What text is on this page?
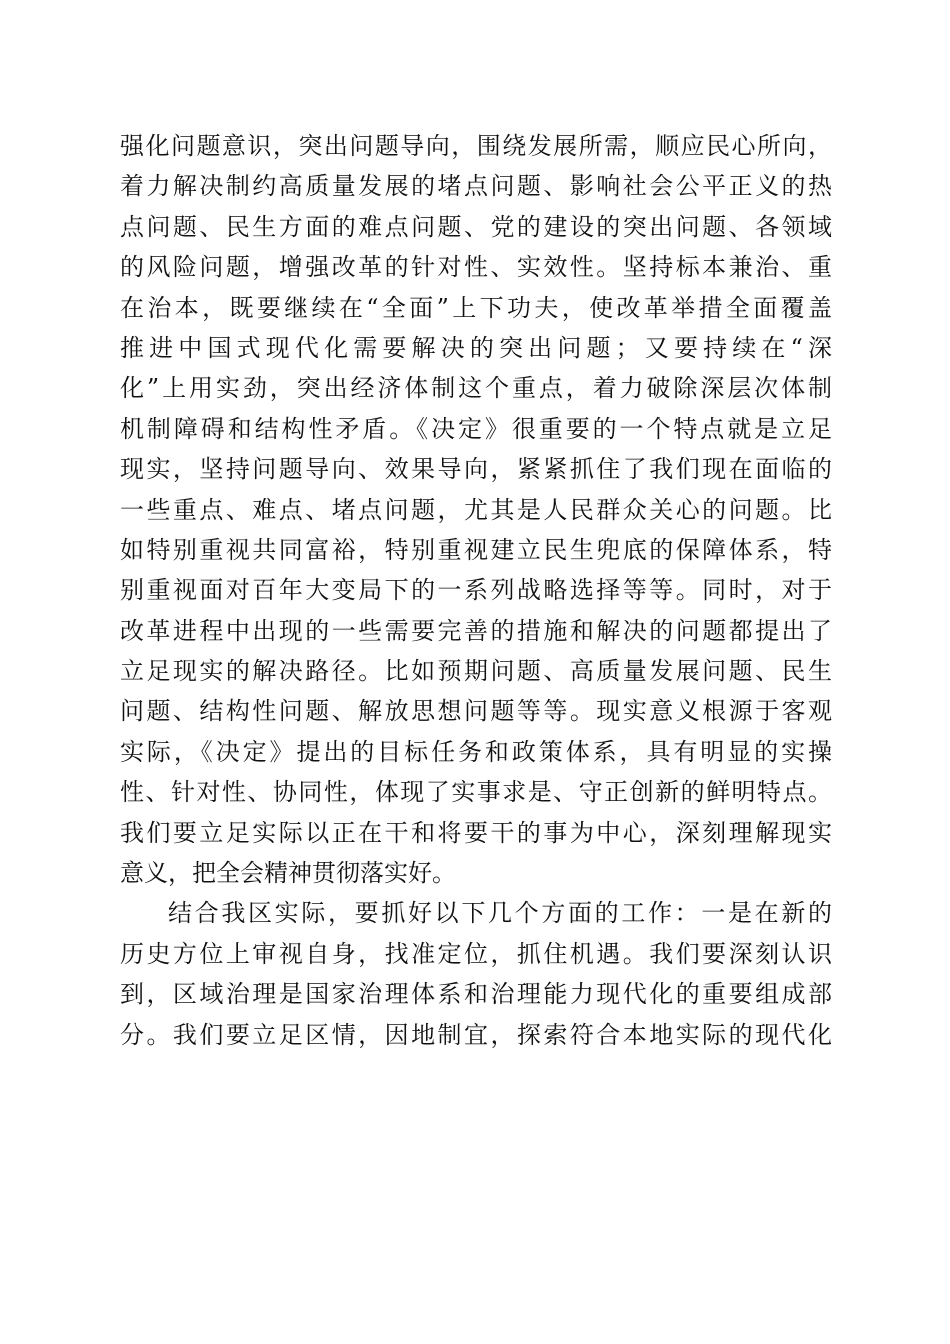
强化问题意识，突出问题导向，围绕发展所需，顺应民心所向，
着力解决制约高质量发展的堵点问题、影响社会公平正义的热
点问题、民生方面的难点问题、党的建设的突出问题、各领域
的风险问题，增强改革的针对性、实效性。坚持标本兼治、重
在治本，既要继续在“全面”上下功夫，使改革举措全面覆盖
推进中国式现代化需要解决的突出问题；又要持续在“深
化”上用实劲，突出经济体制这个重点，着力破除深层次体制
机制障碍和结构性矛盾。《决定》很重要的一个特点就是立足
现实，坚持问题导向、效果导向，紧紧抓住了我们现在面临的
一些重点、难点、堵点问题，尤其是人民群众关心的问题。比
如特别重视共同富裕，特别重视建立民生兜底的保障体系，特
别重视面对百年大变局下的一系列战略选择等等。同时，对于
改革进程中出现的一些需要完善的措施和解决的问题都提出了
立足现实的解决路径。比如预期问题、高质量发展问题、民生
问题、结构性问题、解放思想问题等等。现实意义根源于客观
实际，《决定》提出的目标任务和政策体系，具有明显的实操
性、针对性、协同性，体现了实事求是、守正创新的鲜明特点。
我们要立足实际以正在干和将要干的事为中心，深刻理解现实
意义，把全会精神贯彻落实好。
结合我区实际，要抓好以下几个方面的工作：一是在新的
历史方位上审视自身，找准定位，抓住机遇。我们要深刻认识
到，区域治理是国家治理体系和治理能力现代化的重要组成部
分。我们要立足区情，因地制宜，探索符合本地实际的现代化
